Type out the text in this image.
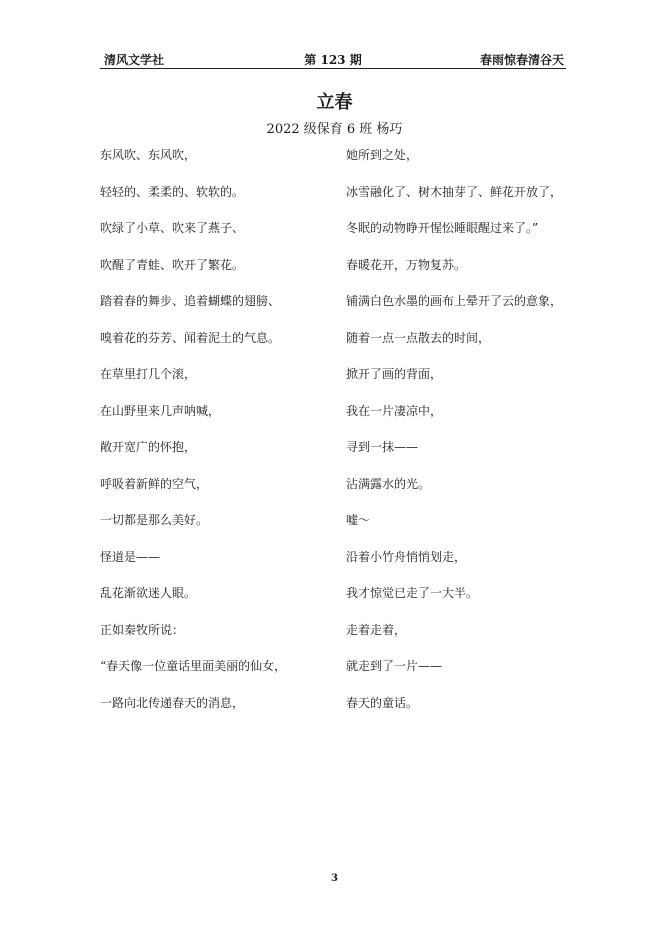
清风文学社	第 123 期	春雨惊春清谷天
立春
2022 级保育 6 班 杨巧
东风吹、东风吹，
轻轻的、柔柔的、软软的。
吹绿了小草、吹来了燕子、
吹醒了青蛙、吹开了繁花。
踏着春的舞步、追着蝴蝶的翅膀、
嗅着花的芬芳、闻着泥土的气息。
在草里打几个滚，
在山野里来几声呐喊，
敞开宽广的怀抱，
呼吸着新鲜的空气，
一切都是那么美好。
怪道是——
乱花渐欲迷人眼。
正如秦牧所说：
“春天像一位童话里面美丽的仙女，
一路向北传递春天的消息，
她所到之处，
冰雪融化了、树木抽芽了、鲜花开放了，
冬眠的动物睁开惺忪睡眼醒过来了。”
春暖花开，万物复苏。
铺满白色水墨的画布上晕开了云的意象，
随着一点一点散去的时间，
掀开了画的背面，
我在一片凄凉中，
寻到一抹——
沾满露水的光。
嘘～
沿着小竹舟悄悄划走，
我才惊觉已走了一大半。
走着走着，
就走到了一片——
春天的童话。
3
